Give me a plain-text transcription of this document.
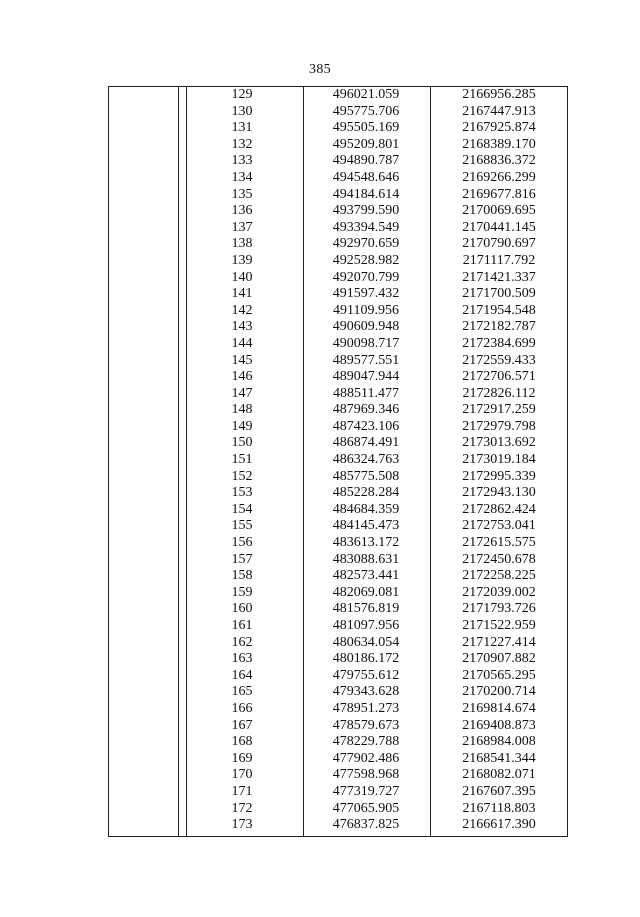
385
129	496021.059	2166956.285
130	495775.706	2167447.913
131	495505.169	2167925.874
132	495209.801	2168389.170
133	494890.787	2168836.372
134	494548.646	2169266.299
135	494184.614	2169677.816
136	493799.590	2170069.695
137	493394.549	2170441.145
138	492970.659	2170790.697
139	492528.982	2171117.792
140	492070.799	2171421.337
141	491597.432	2171700.509
142	491109.956	2171954.548
143	490609.948	2172182.787
144	490098.717	2172384.699
145	489577.551	2172559.433
146	489047.944	2172706.571
147	488511.477	2172826.112
148	487969.346	2172917.259
149	487423.106	2172979.798
150	486874.491	2173013.692
151	486324.763	2173019.184
152	485775.508	2172995.339
153	485228.284	2172943.130
154	484684.359	2172862.424
155	484145.473	2172753.041
156	483613.172	2172615.575
157	483088.631	2172450.678
158	482573.441	2172258.225
159	482069.081	2172039.002
160	481576.819	2171793.726
161	481097.956	2171522.959
162	480634.054	2171227.414
163	480186.172	2170907.882
164	479755.612	2170565.295
165	479343.628	2170200.714
166	478951.273	2169814.674
167	478579.673	2169408.873
168	478229.788	2168984.008
169	477902.486	2168541.344
170	477598.968	2168082.071
171	477319.727	2167607.395
172	477065.905	2167118.803
173	476837.825	2166617.390
